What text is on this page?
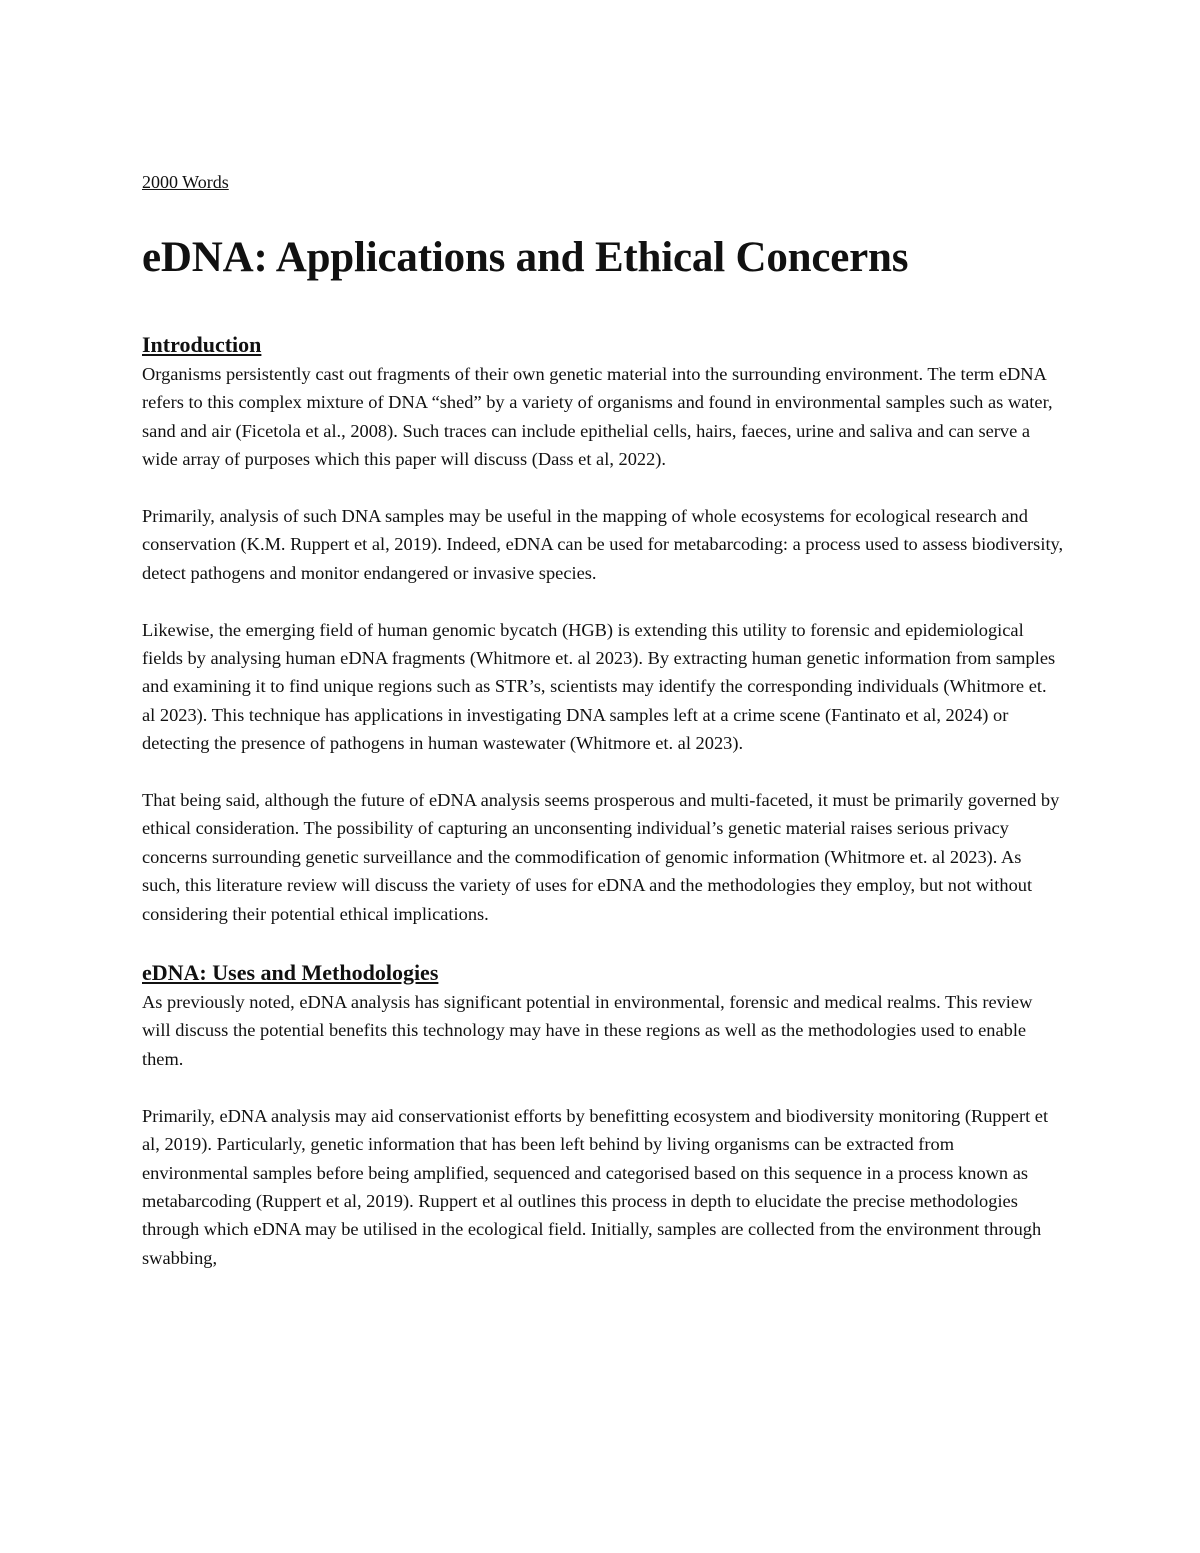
2000 Words

eDNA: Applications and Ethical Concerns
Introduction

Organisms persistently cast out fragments of their own genetic material into the surrounding environment. The term eDNA refers to this complex mixture of DNA “shed” by a variety of organisms and found in environmental samples such as water, sand and air (Ficetola et al., 2008). Such traces can include epithelial cells, hairs, faeces, urine and saliva and can serve a wide array of purposes which this paper will discuss (Dass et al, 2022).

Primarily, analysis of such DNA samples may be useful in the mapping of whole ecosystems for ecological research and conservation (K.M. Ruppert et al, 2019). Indeed, eDNA can be used for metabarcoding: a process used to assess biodiversity, detect pathogens and monitor endangered or invasive species.

Likewise, the emerging field of human genomic bycatch (HGB) is extending this utility to forensic and epidemiological fields by analysing human eDNA fragments (Whitmore et. al 2023). By extracting human genetic information from samples and examining it to find unique regions such as STR’s, scientists may identify the corresponding individuals (Whitmore et. al 2023). This technique has applications in investigating DNA samples left at a crime scene (Fantinato et al, 2024) or detecting the presence of pathogens in human wastewater (Whitmore et. al 2023).

That being said, although the future of eDNA analysis seems prosperous and multi-faceted, it must be primarily governed by ethical consideration. The possibility of capturing an unconsenting individual’s genetic material raises serious privacy concerns surrounding genetic surveillance and the commodification of genomic information (Whitmore et. al 2023). As such, this literature review will discuss the variety of uses for eDNA and the methodologies they employ, but not without considering their potential ethical implications.

eDNA: Uses and Methodologies

As previously noted, eDNA analysis has significant potential in environmental, forensic and medical realms. This review will discuss the potential benefits this technology may have in these regions as well as the methodologies used to enable them.

Primarily, eDNA analysis may aid conservationist efforts by benefitting ecosystem and biodiversity monitoring (Ruppert et al, 2019). Particularly, genetic information that has been left behind by living organisms can be extracted from environmental samples before being amplified, sequenced and categorised based on this sequence in a process known as metabarcoding (Ruppert et al, 2019). Ruppert et al outlines this process in depth to elucidate the precise methodologies through which eDNA may be utilised in the ecological field. Initially, samples are collected from the environment through swabbing,
